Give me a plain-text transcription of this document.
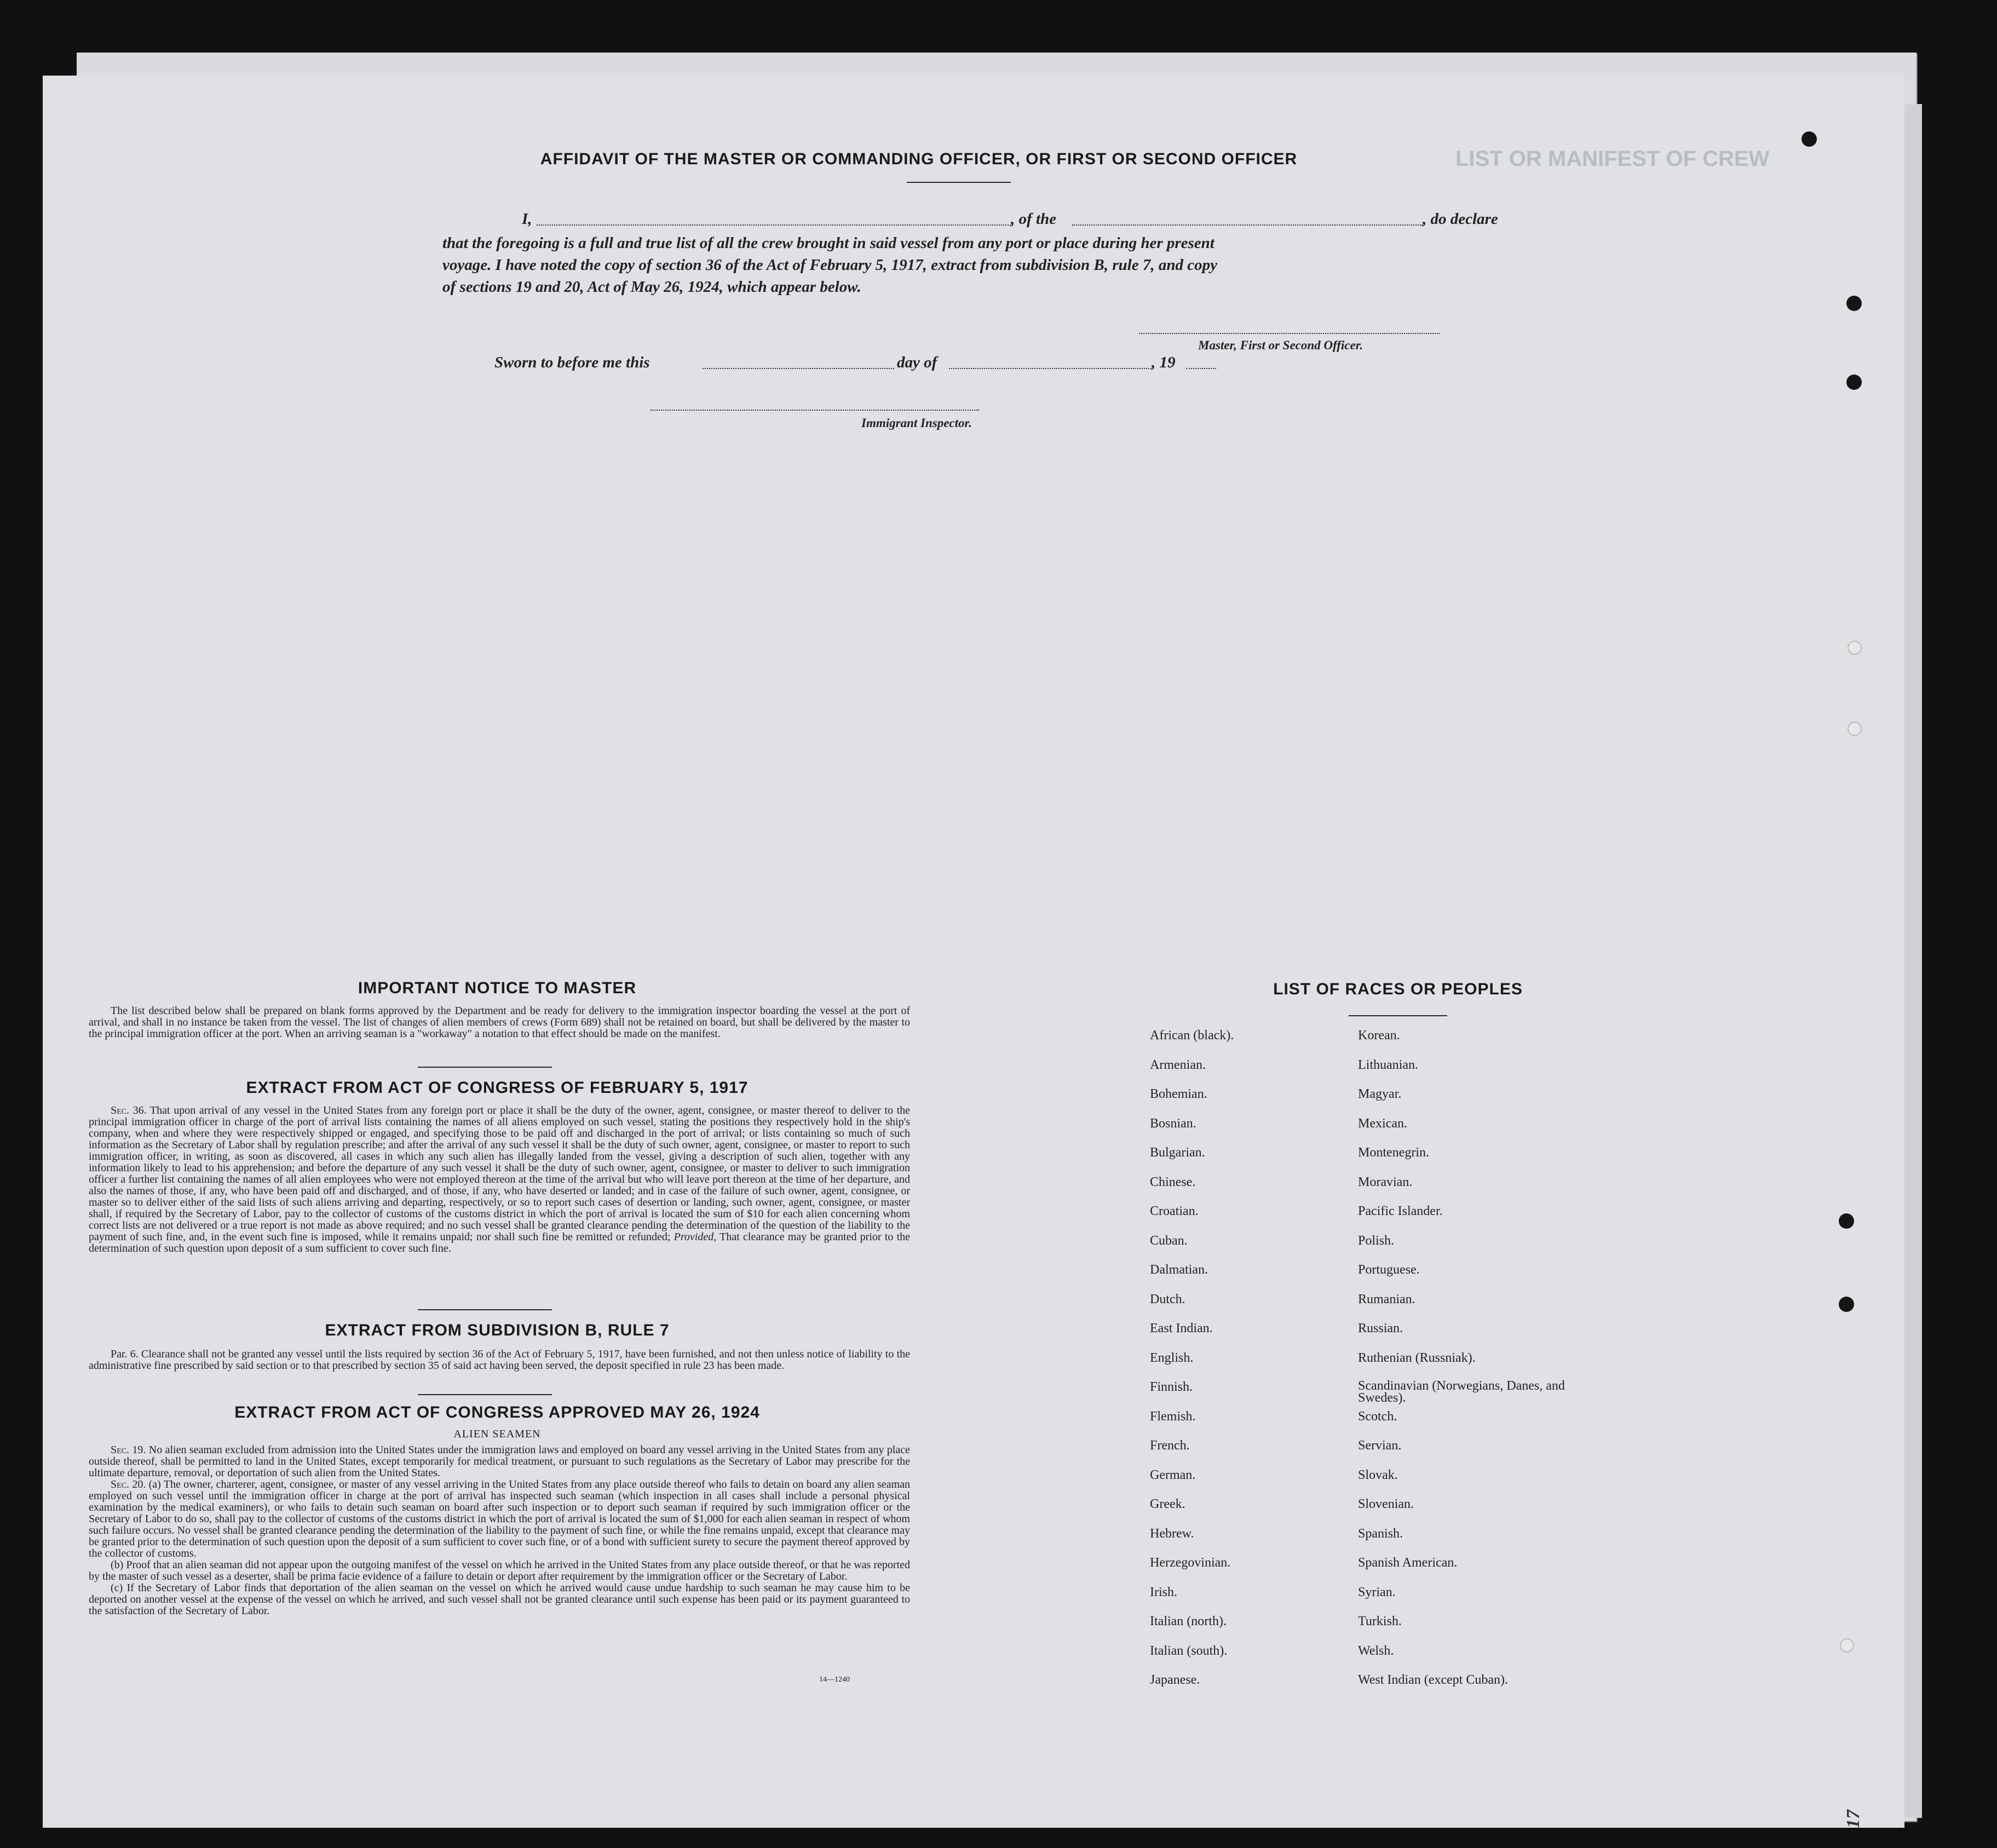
LIST OR MANIFEST OF CREW
AFFIDAVIT OF THE MASTER OR COMMANDING OFFICER, OR FIRST OR SECOND OFFICER
I,	, of the	, do declare
that the foregoing is a full and true list of all the crew brought in said vessel from any port or place during her present
voyage. I have noted the copy of section 36 of the Act of February 5, 1917, extract from subdivision B, rule 7, and copy
of sections 19 and 20, Act of May 26, 1924, which appear below.
Master, First or Second Officer.
Sworn to before me this	day of	, 19
Immigrant Inspector.
IMPORTANT NOTICE TO MASTER
The list described below shall be prepared on blank forms approved by the Department and be ready for delivery to the immigration inspector boarding the vessel at the port of arrival, and shall in no instance be taken from the vessel. The list of changes of alien members of crews (Form 689) shall not be retained on board, but shall be delivered by the master to the principal immigration officer at the port. When an arriving seaman is a "workaway" a notation to that effect should be made on the manifest.
EXTRACT FROM ACT OF CONGRESS OF FEBRUARY 5, 1917
Sec. 36. That upon arrival of any vessel in the United States from any foreign port or place it shall be the duty of the owner, agent, consignee, or master thereof to deliver to the principal immigration officer in charge of the port of arrival lists containing the names of all aliens employed on such vessel, stating the positions they respectively hold in the ship's company, when and where they were respectively shipped or engaged, and specifying those to be paid off and discharged in the port of arrival; or lists containing so much of such information as the Secretary of Labor shall by regulation prescribe; and after the arrival of any such vessel it shall be the duty of such owner, agent, consignee, or master to report to such immigration officer, in writing, as soon as discovered, all cases in which any such alien has illegally landed from the vessel, giving a description of such alien, together with any information likely to lead to his apprehension; and before the departure of any such vessel it shall be the duty of such owner, agent, consignee, or master to deliver to such immigration officer a further list containing the names of all alien employees who were not employed thereon at the time of the arrival but who will leave port thereon at the time of her departure, and also the names of those, if any, who have been paid off and discharged, and of those, if any, who have deserted or landed; and in case of the failure of such owner, agent, consignee, or master so to deliver either of the said lists of such aliens arriving and departing, respectively, or so to report such cases of desertion or landing, such owner, agent, consignee, or master shall, if required by the Secretary of Labor, pay to the collector of customs of the customs district in which the port of arrival is located the sum of $10 for each alien concerning whom correct lists are not delivered or a true report is not made as above required; and no such vessel shall be granted clearance pending the determination of the question of the liability to the payment of such fine, and, in the event such fine is imposed, while it remains unpaid; nor shall such fine be remitted or refunded; Provided, That clearance may be granted prior to the determination of such question upon deposit of a sum sufficient to cover such fine.
EXTRACT FROM SUBDIVISION B, RULE 7
Par. 6. Clearance shall not be granted any vessel until the lists required by section 36 of the Act of February 5, 1917, have been furnished, and not then unless notice of liability to the administrative fine prescribed by said section or to that prescribed by section 35 of said act having been served, the deposit specified in rule 23 has been made.
EXTRACT FROM ACT OF CONGRESS APPROVED MAY 26, 1924
ALIEN SEAMEN
Sec. 19. No alien seaman excluded from admission into the United States under the immigration laws and employed on board any vessel arriving in the United States from any place outside thereof, shall be permitted to land in the United States, except temporarily for medical treatment, or pursuant to such regulations as the Secretary of Labor may prescribe for the ultimate departure, removal, or deportation of such alien from the United States.
Sec. 20. (a) The owner, charterer, agent, consignee, or master of any vessel arriving in the United States from any place outside thereof who fails to detain on board any alien seaman employed on such vessel until the immigration officer in charge at the port of arrival has inspected such seaman (which inspection in all cases shall include a personal physical examination by the medical examiners), or who fails to detain such seaman on board after such inspection or to deport such seaman if required by such immigration officer or the Secretary of Labor to do so, shall pay to the collector of customs of the customs district in which the port of arrival is located the sum of $1,000 for each alien seaman in respect of whom such failure occurs. No vessel shall be granted clearance pending the determination of the liability to the payment of such fine, or while the fine remains unpaid, except that clearance may be granted prior to the determination of such question upon the deposit of a sum sufficient to cover such fine, or of a bond with sufficient surety to secure the payment thereof approved by the collector of customs.
(b) Proof that an alien seaman did not appear upon the outgoing manifest of the vessel on which he arrived in the United States from any place outside thereof, or that he was reported by the master of such vessel as a deserter, shall be prima facie evidence of a failure to detain or deport after requirement by the immigration officer or the Secretary of Labor.
(c) If the Secretary of Labor finds that deportation of the alien seaman on the vessel on which he arrived would cause undue hardship to such seaman he may cause him to be deported on another vessel at the expense of the vessel on which he arrived, and such vessel shall not be granted clearance until such expense has been paid or its payment guaranteed to the satisfaction of the Secretary of Labor.
14—1240
LIST OF RACES OR PEOPLES
African (black).	Korean.
Armenian.	Lithuanian.
Bohemian.	Magyar.
Bosnian.	Mexican.
Bulgarian.	Montenegrin.
Chinese.	Moravian.
Croatian.	Pacific Islander.
Cuban.	Polish.
Dalmatian.	Portuguese.
Dutch.	Rumanian.
East Indian.	Russian.
English.	Ruthenian (Russniak).
Finnish.	Scandinavian (Norwegians, Danes, and Swedes).
Flemish.	Scotch.
French.	Servian.
German.	Slovak.
Greek.	Slovenian.
Hebrew.	Spanish.
Herzegovinian.	Spanish American.
Irish.	Syrian.
Italian (north).	Turkish.
Italian (south).	Welsh.
Japanese.	West Indian (except Cuban).
17
